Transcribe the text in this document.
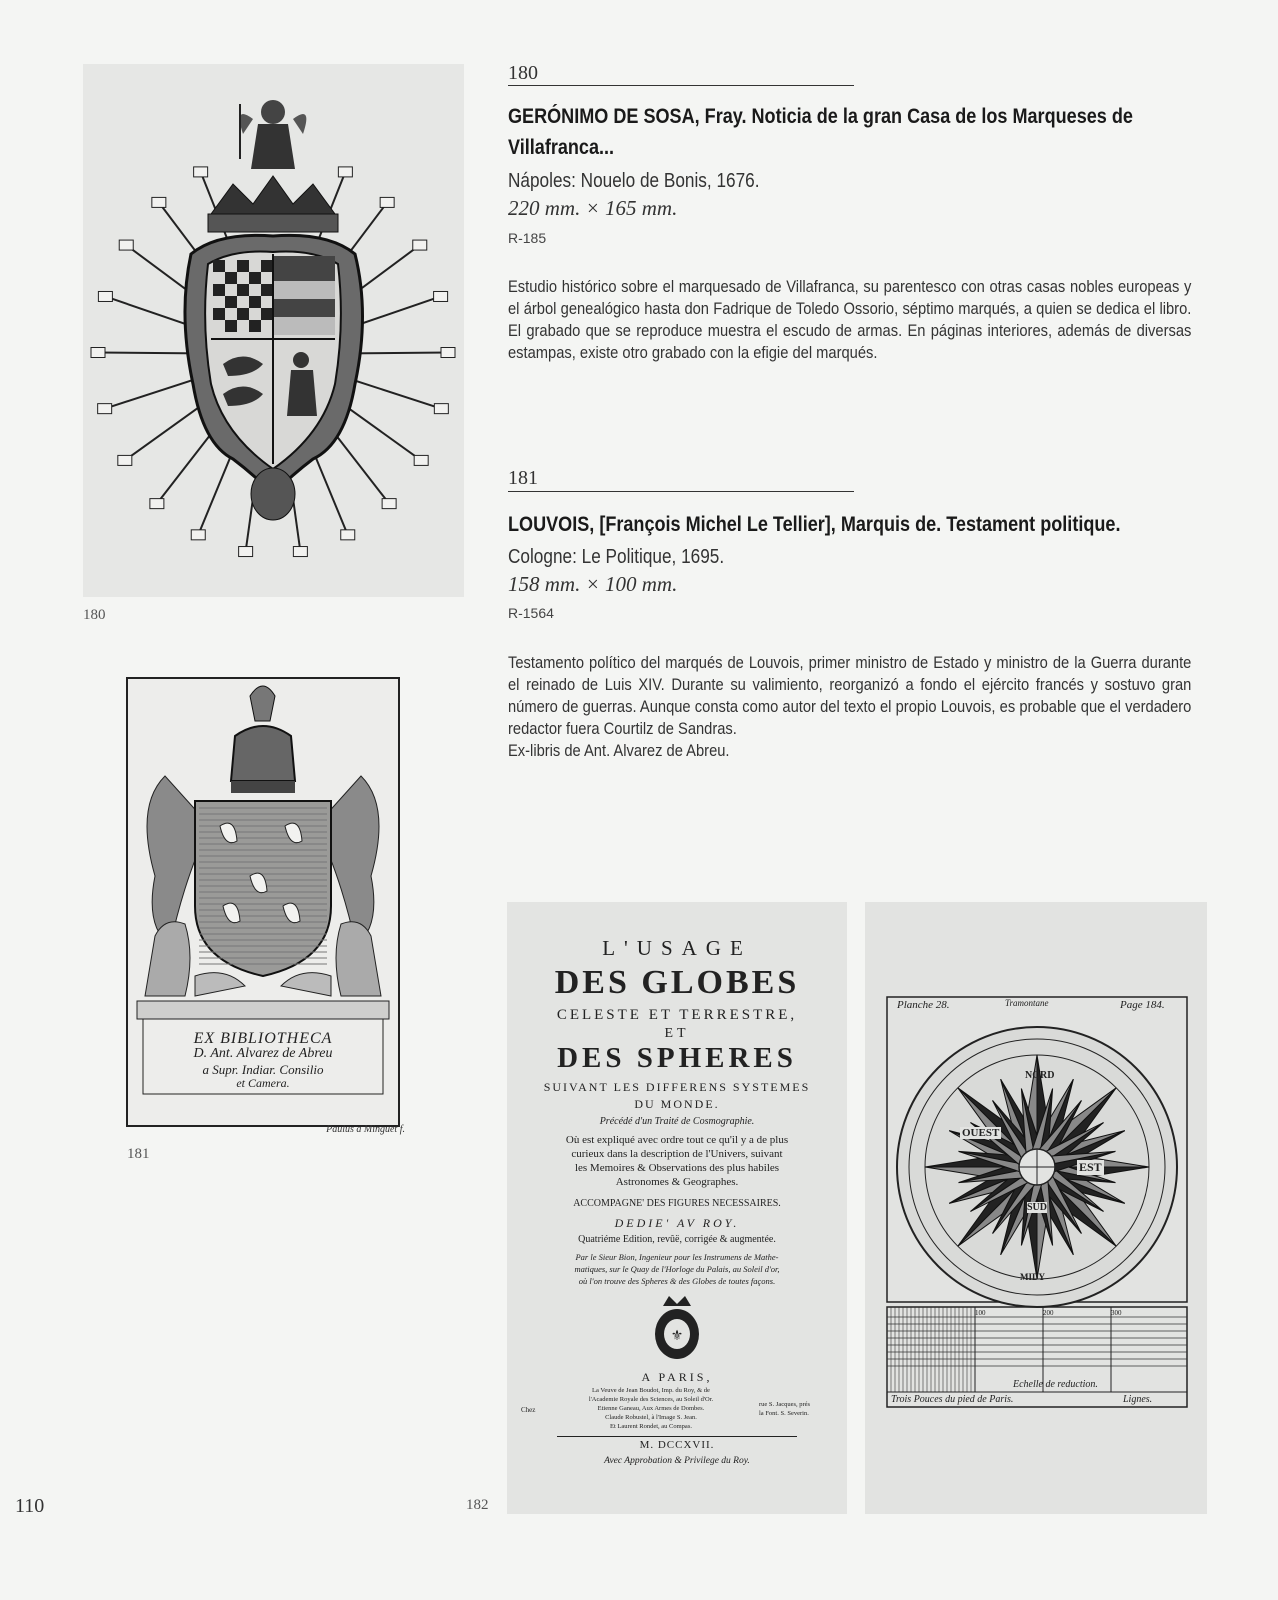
180
EX BIBLIOTHECA
D. Ant. Alvarez de Abreu
a Supr. Indiar. Consilio
et Camera.
Paulus a Minguet f.
181
180
GERÓNIMO DE SOSA, Fray. Noticia de la gran Casa de los Marqueses de Villafranca...
Nápoles: Nouelo de Bonis, 1676.
220 mm. × 165 mm.
R-185

Estudio histórico sobre el marquesado de Villafranca, su parentesco con otras casas nobles europeas y el árbol genealógico hasta don Fadrique de Toledo Ossorio, séptimo marqués, a quien se dedica el libro. El grabado que se reproduce muestra el escudo de armas. En páginas interiores, además de diversas estampas, existe otro grabado con la efigie del marqués.

181
LOUVOIS, [François Michel Le Tellier], Marquis de. Testament politique.
Cologne: Le Politique, 1695.
158 mm. × 100 mm.
R-1564

Testamento político del marqués de Louvois, primer ministro de Estado y ministro de la Guerra durante el reinado de Luis XIV. Durante su valimiento, reorganizó a fondo el ejército francés y sostuvo gran número de guerras. Aunque consta como autor del texto el propio Louvois, es probable que el verdadero redactor fuera Courtilz de Sandras.

Ex-libris de Ant. Alvarez de Abreu.

L'USAGE
DES GLOBES
CELESTE ET TERRESTRE,
ET
DES SPHERES
SUIVANT LES DIFFERENS SYSTEMES
DU MONDE.
Précédé d'un Traité de Cosmographie.
Où est expliqué avec ordre tout ce qu'il y a de plus
curieux dans la description de l'Univers, suivant
les Memoires & Observations des plus habiles
Astronomes & Geographes.
ACCOMPAGNE' DES FIGURES NECESSAIRES.
DEDIE' AV ROY.
Quatriéme Edition, revûë, corrigée & augmentée.
Par le Sieur Bion, Ingenieur pour les Instrumens de Mathe-
matiques, sur le Quay de l'Horloge du Palais, au Soleil d'or,
où l'on trouve des Spheres & des Globes de toutes façons.
⚜
A PARIS,
Chez
La Veuve de Jean Boudot, Imp. du Roy, & de
l'Academie Royale des Sciences, au Soleil d'Or.
Etienne Ganeau, Aux Armes de Dombes.
Claude Robustel, à l'Image S. Jean.
Et Laurent Rondet, au Compas.
rue S. Jacques, prés
la Font. S. Severin.
M. DCCXVII.
Avec Approbation & Privilege du Roy.
182
Planche 28.	Tramontane	Page 184.
NORD
EST
OUEST
SUD
MIDY
100	200	300
Echelle de reduction.
Trois Pouces du pied de Paris.	Lignes.
110
